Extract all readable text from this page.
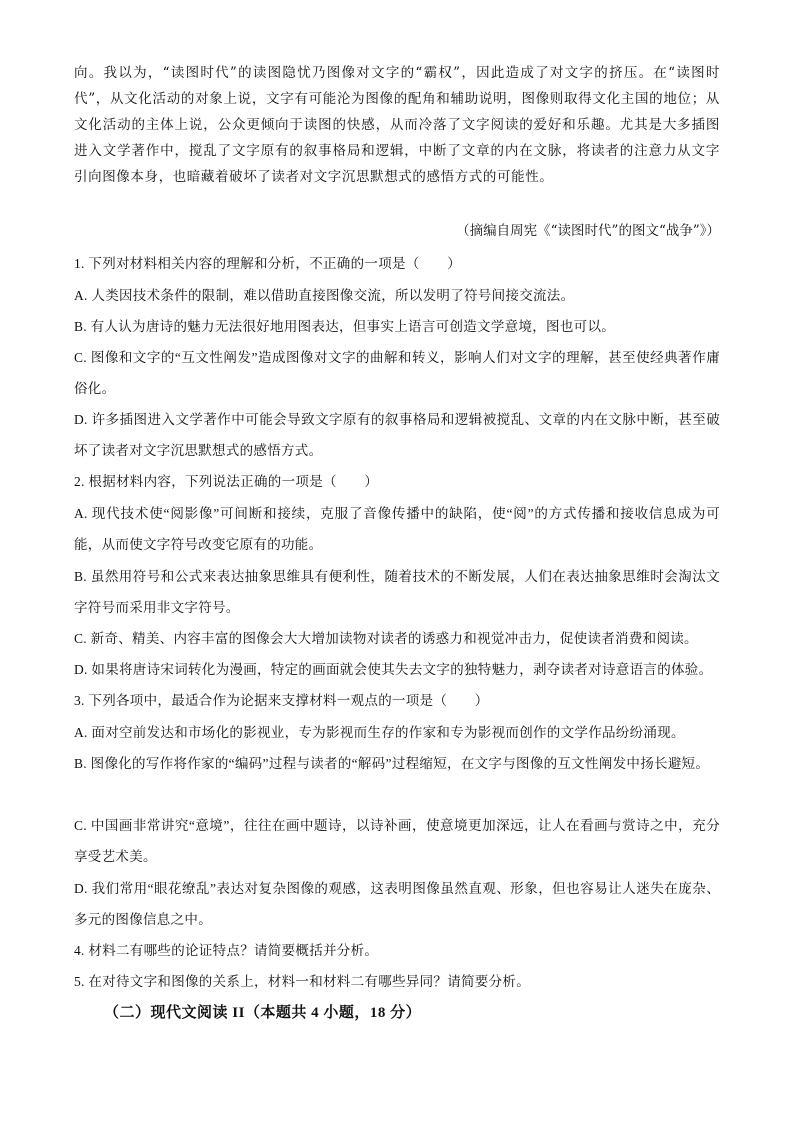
向。我以为，“读图时代”的读图隐忧乃图像对文字的“霸权”，因此造成了对文字的挤压。在“读图时代”，从文化活动的对象上说，文字有可能沦为图像的配角和辅助说明，图像则取得文化主国的地位；从文化活动的主体上说，公众更倾向于读图的快感，从而冷落了文字阅读的爱好和乐趣。尤其是大多插图进入文学著作中，搅乱了文字原有的叙事格局和逻辑，中断了文章的内在文脉，将读者的注意力从文字引向图像本身，也暗藏着破坏了读者对文字沉思默想式的感悟方式的可能性。

（摘编自周宪《“读图时代”的图文“战争”》）

1. 下列对材料相关内容的理解和分析，不正确的一项是（　　）

A. 人类因技术条件的限制，难以借助直接图像交流，所以发明了符号间接交流法。

B. 有人认为唐诗的魅力无法很好地用图表达，但事实上语言可创造文学意境，图也可以。

C. 图像和文字的“互文性阐发”造成图像对文字的曲解和转义，影响人们对文字的理解，甚至使经典著作庸俗化。

D. 许多插图进入文学著作中可能会导致文字原有的叙事格局和逻辑被搅乱、文章的内在文脉中断，甚至破坏了读者对文字沉思默想式的感悟方式。

2. 根据材料内容，下列说法正确的一项是（　　）

A. 现代技术使“阅影像”可间断和接续，克服了音像传播中的缺陷，使“阅”的方式传播和接收信息成为可能，从而使文字符号改变它原有的功能。

B. 虽然用符号和公式来表达抽象思维具有便利性，随着技术的不断发展，人们在表达抽象思维时会淘汰文字符号而采用非文字符号。

C. 新奇、精美、内容丰富的图像会大大增加读物对读者的诱惑力和视觉冲击力，促使读者消费和阅读。

D. 如果将唐诗宋词转化为漫画，特定的画面就会使其失去文字的独特魅力，剥夺读者对诗意语言的体验。

3. 下列各项中，最适合作为论据来支撑材料一观点的一项是（　　）

A. 面对空前发达和市场化的影视业，专为影视而生存的作家和专为影视而创作的文学作品纷纷涌现。

B. 图像化的写作将作家的“编码”过程与读者的“解码”过程缩短，在文字与图像的互文性阐发中扬长避短。

C. 中国画非常讲究“意境”，往往在画中题诗，以诗补画，使意境更加深远，让人在看画与赏诗之中，充分享受艺术美。

D. 我们常用“眼花缭乱”表达对复杂图像的观感，这表明图像虽然直观、形象，但也容易让人迷失在庞杂、多元的图像信息之中。

4. 材料二有哪些的论证特点？请简要概括并分析。

5. 在对待文字和图像的关系上，材料一和材料二有哪些异同？请简要分析。

（二）现代文阅读 II（本题共 4 小题，18 分）
